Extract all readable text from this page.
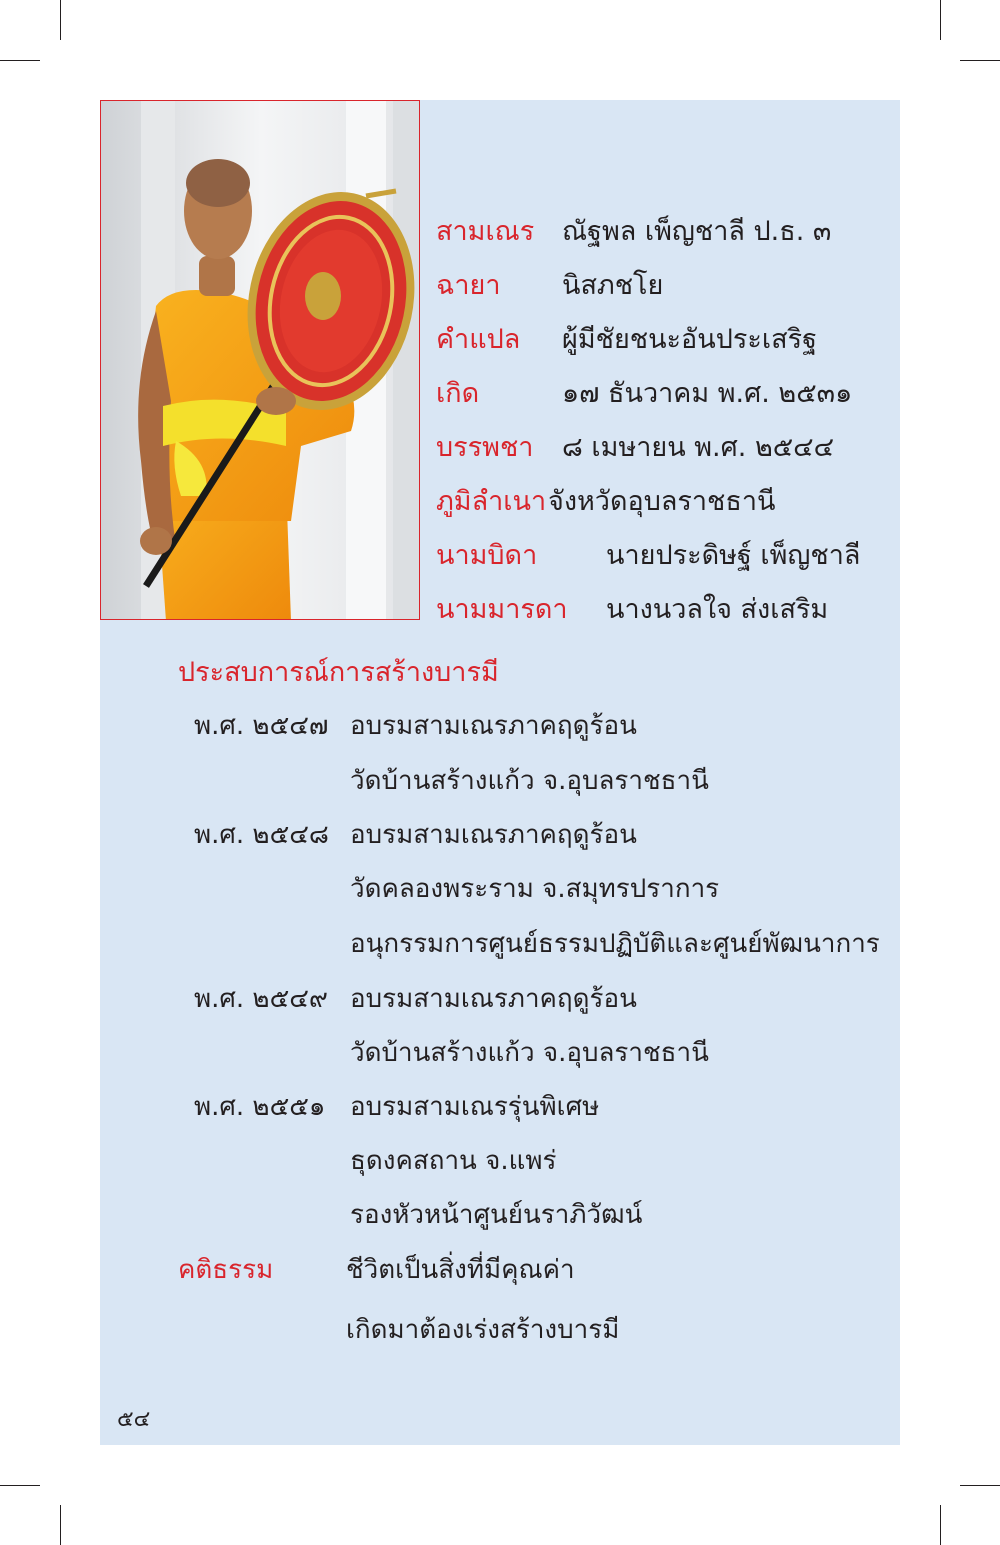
สามเณร ณัฐพล เพ็ญชาลี ป.ธ. ๓
ฉายา นิสภชโย
คำแปล ผู้มีชัยชนะอันประเสริฐ
เกิด	๑๗ ธันวาคม พ.ศ. ๒๕๓๑
บรรพชา ๘ เมษายน พ.ศ. ๒๕๔๔
ภูมิลำเนา จังหวัดอุบลราชธานี
นามบิดา	นายประดิษฐ์ เพ็ญชาลี
นามมารดา นางนวลใจ ส่งเสริม
ประสบการณ์การสร้างบารมี
พ.ศ. ๒๕๔๗ อบรมสามเณรภาคฤดูร้อน
วัดบ้านสร้างแก้ว จ.อุบลราชธานี
พ.ศ. ๒๕๔๘ อบรมสามเณรภาคฤดูร้อน
วัดคลองพระราม จ.สมุทรปราการ
อนุกรรมการศูนย์ธรรมปฏิบัติและศูนย์พัฒนาการ
พ.ศ. ๒๕๔๙ อบรมสามเณรภาคฤดูร้อน
วัดบ้านสร้างแก้ว จ.อุบลราชธานี
พ.ศ. ๒๕๕๑ อบรมสามเณรรุ่นพิเศษ
ธุดงคสถาน จ.แพร่
รองหัวหน้าศูนย์นราภิวัฒน์
คติธรรม	ชีวิตเป็นสิ่งที่มีคุณค่า
เกิดมาต้องเร่งสร้างบารมี
๕๔
